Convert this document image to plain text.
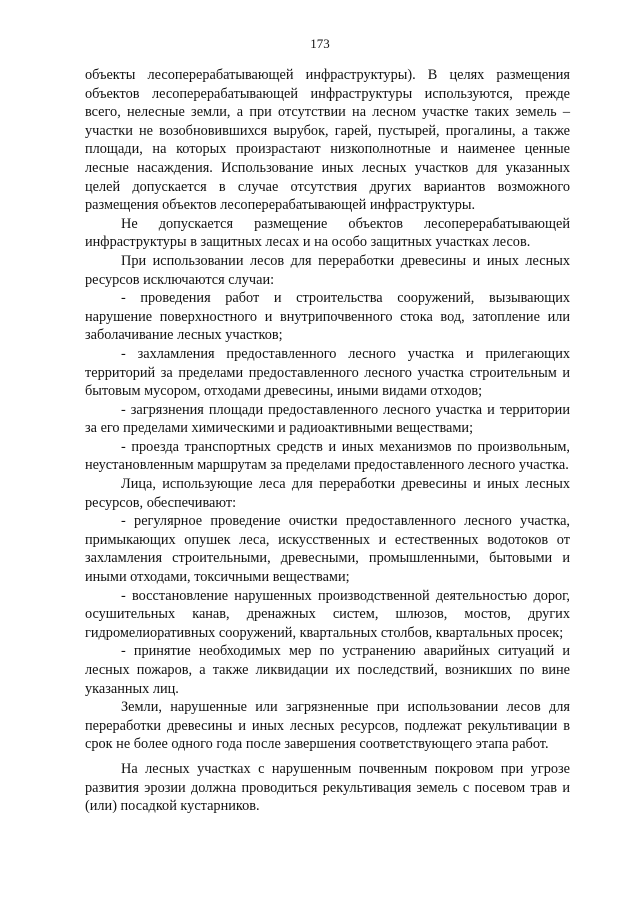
173

объекты лесоперерабатывающей инфраструктуры). В целях размещения объектов лесоперерабатывающей инфраструктуры используются, прежде всего, нелесные земли, а при отсутствии на лесном участке таких земель – участки не возобновившихся вырубок, гарей, пустырей, прогалины, а также площади, на которых произрастают низкополнотные и наименее ценные лесные насаждения. Использование иных лесных участков для указанных целей допускается в случае отсутствия других вариантов возможного размещения объектов лесоперерабатывающей инфраструктуры.

Не допускается размещение объектов лесоперерабатывающей инфраструктуры в защитных лесах и на особо защитных участках лесов.

При использовании лесов для переработки древесины и иных лесных ресурсов исключаются случаи:

- проведения работ и строительства сооружений, вызывающих нарушение поверхностного и внутрипочвенного стока вод, затопление или заболачивание лесных участков;

- захламления предоставленного лесного участка и прилегающих территорий за пределами предоставленного лесного участка строительным и бытовым мусором, отходами древесины, иными видами отходов;

- загрязнения площади предоставленного лесного участка и территории за его пределами химическими и радиоактивными веществами;

- проезда транспортных средств и иных механизмов по произвольным, неустановленным маршрутам за пределами предоставленного лесного участка.

Лица, использующие леса для переработки древесины и иных лесных ресурсов, обеспечивают:

- регулярное проведение очистки предоставленного лесного участка, примыкающих опушек леса, искусственных и естественных водотоков от захламления строительными, древесными, промышленными, бытовыми и иными отходами, токсичными веществами;

- восстановление нарушенных производственной деятельностью дорог, осушительных канав, дренажных систем, шлюзов, мостов, других гидромелиоративных сооружений, квартальных столбов, квартальных просек;

- принятие необходимых мер по устранению аварийных ситуаций и лесных пожаров, а также ликвидации их последствий, возникших по вине указанных лиц.

Земли, нарушенные или загрязненные при использовании лесов для переработки древесины и иных лесных ресурсов, подлежат рекультивации в срок не более одного года после завершения соответствующего этапа работ.

На лесных участках с нарушенным почвенным покровом при угрозе развития эрозии должна проводиться рекультивация земель с посевом трав и (или) посадкой кустарников.
